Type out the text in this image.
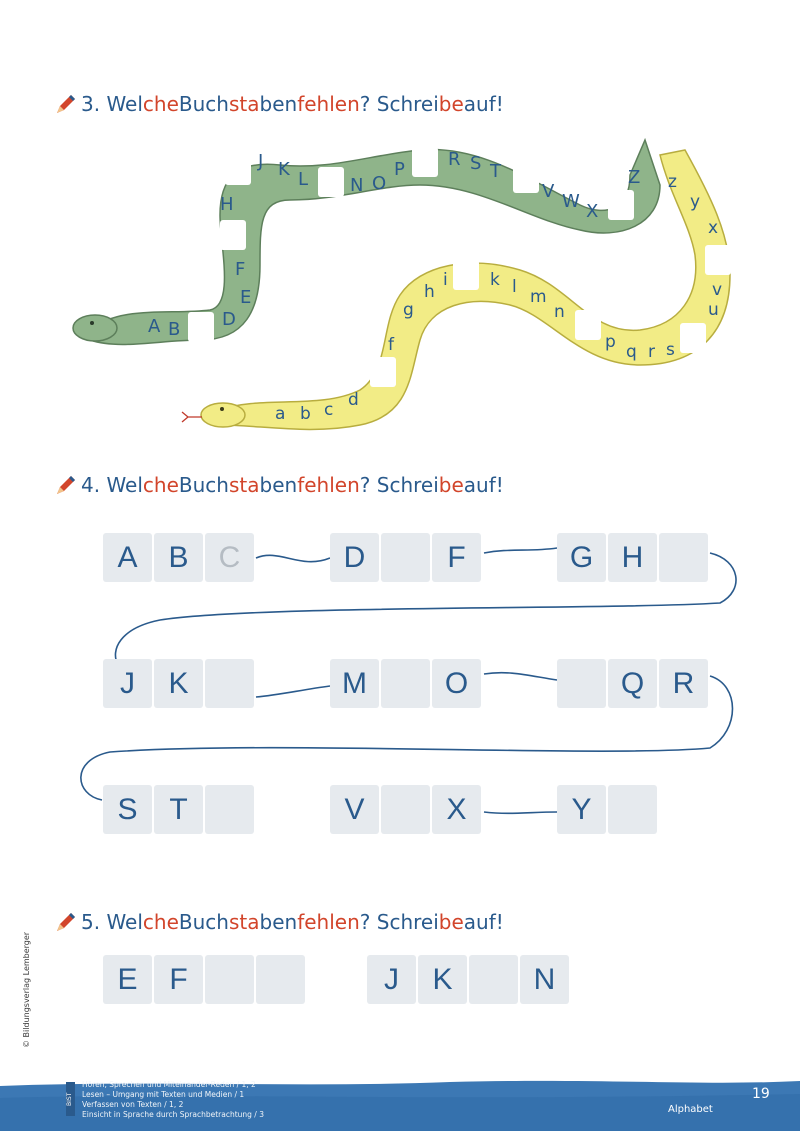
3.
Wel che Buch sta ben feh len ? Schrei be auf!
A B D
E
F
H
J K L N O
P R S T
V W X
Z
a b c d
f
g
h
i k l m
n
p q r s
u
v
x
y
z
4.
Wel che Buch sta ben feh len ? Schrei be auf!
A	B	C	D	F	G H
J	K	M	O	Q R
S	T	V	X	Y
5.
Wel che Buch sta ben feh len ? Schrei be auf!
E	F	J	K	N
© Bildungsverlag Lemberger
BIST
Hören, Sprechen und Miteinander-Reden / 1, 2
Lesen – Umgang mit Texten und Medien / 1
Verfassen von Texten / 1, 2
Einsicht in Sprache durch Sprachbetrachtung / 3	Alphabet
19
